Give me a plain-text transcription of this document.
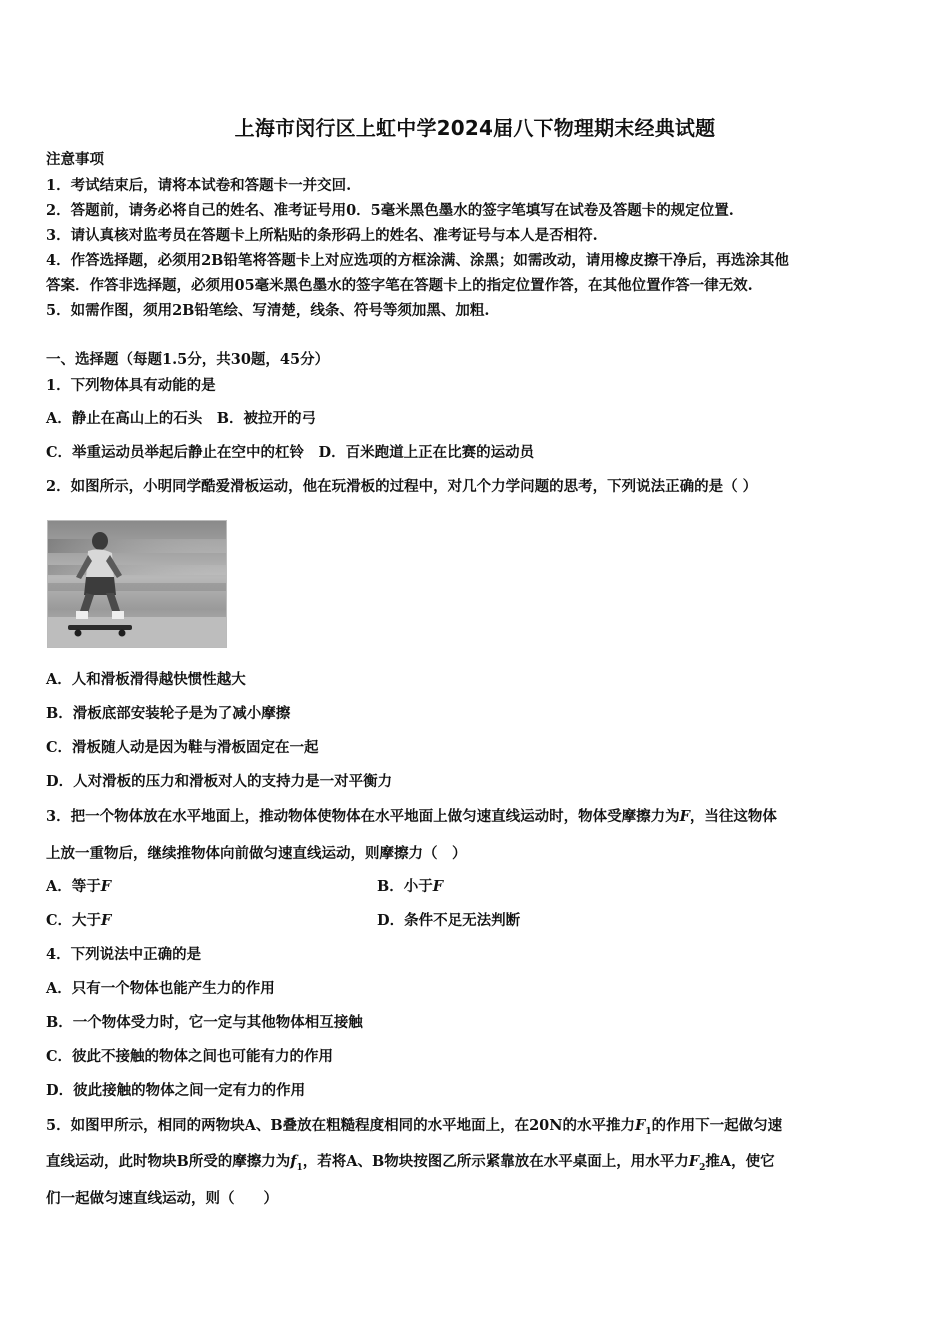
上海市闵行区上虹中学2024届八下物理期末经典试题
注意事项
1．考试结束后，请将本试卷和答题卡一并交回.
2．答题前，请务必将自己的姓名、准考证号用0．5毫米黑色墨水的签字笔填写在试卷及答题卡的规定位置.
3．请认真核对监考员在答题卡上所粘贴的条形码上的姓名、准考证号与本人是否相符.
4．作答选择题，必须用2B铅笔将答题卡上对应选项的方框涂满、涂黑；如需改动，请用橡皮擦干净后，再选涂其他
答案．作答非选择题，必须用05毫米黑色墨水的签字笔在答题卡上的指定位置作答，在其他位置作答一律无效.
5．如需作图，须用2B铅笔绘、写清楚，线条、符号等须加黑、加粗.
一、选择题（每题1.5分，共30题，45分）
1．下列物体具有动能的是
A．静止在高山上的石头　B．被拉开的弓
C．举重运动员举起后静止在空中的杠铃　D．百米跑道上正在比赛的运动员
2．如图所示，小明同学酷爱滑板运动，他在玩滑板的过程中，对几个力学问题的思考，下列说法正确的是（ ）
A．人和滑板滑得越快惯性越大
B．滑板底部安装轮子是为了减小摩擦
C．滑板随人动是因为鞋与滑板固定在一起
D．人对滑板的压力和滑板对人的支持力是一对平衡力
3．把一个物体放在水平地面上，推动物体使物体在水平地面上做匀速直线运动时，物体受摩擦力为F，当往这物体
上放一重物后，继续推物体向前做匀速直线运动，则摩擦力（　）
A．等于F	B．小于F
C．大于F	D．条件不足无法判断
4．下列说法中正确的是
A．只有一个物体也能产生力的作用
B．一个物体受力时，它一定与其他物体相互接触
C．彼此不接触的物体之间也可能有力的作用
D．彼此接触的物体之间一定有力的作用
5．如图甲所示，相同的两物块A、B叠放在粗糙程度相同的水平地面上，在20N的水平推力$F_1$的作用下一起做匀速
直线运动，此时物块B所受的摩擦力为$f_1$，若将A、B物块按图乙所示紧靠放在水平桌面上，用水平力$F_2$推A，使它
们一起做匀速直线运动，则（　　）
